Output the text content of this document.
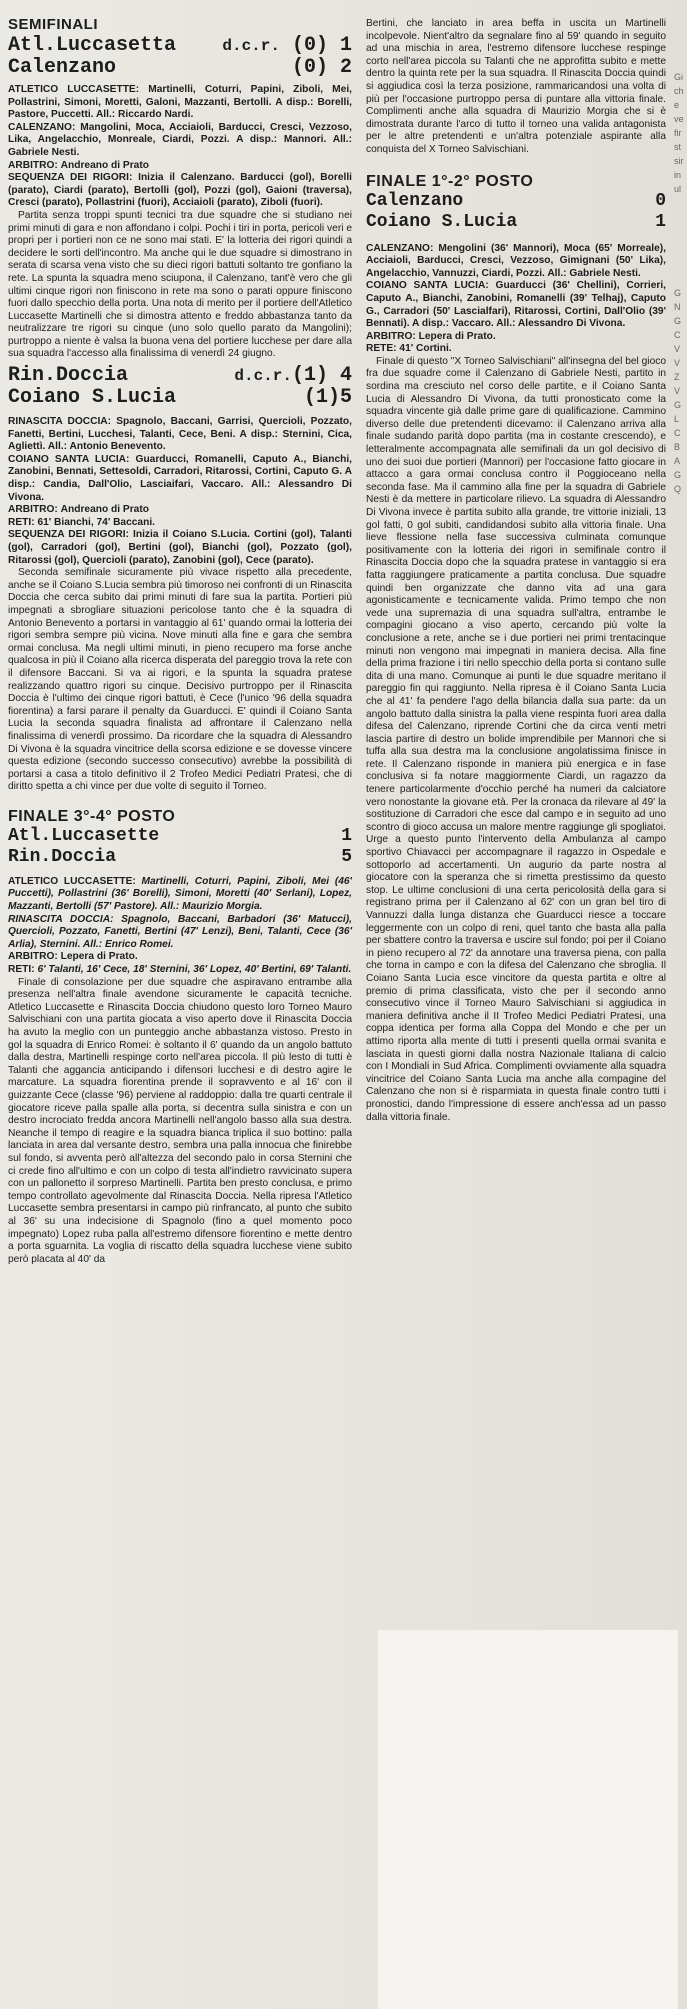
SEMIFINALI
Atl.Luccasetta	d.c.r. (0) 1
Calenzano	(0) 2

ATLETICO LUCCASETTE: Martinelli, Coturri, Papini, Ziboli, Mei, Pollastrini, Simoni, Moretti, Galoni, Mazzanti, Bertolli. A disp.: Borelli, Pastore, Puccetti. All.: Riccardo Nardi.

CALENZANO: Mangolini, Moca, Acciaioli, Barducci, Cresci, Vezzoso, Lika, Angelacchio, Monreale, Ciardi, Pozzi. A disp.: Mannori. All.: Gabriele Nesti.

ARBITRO: Andreano di Prato

SEQUENZA DEI RIGORI: Inizia il Calenzano. Barducci (gol), Borelli (parato), Ciardi (parato), Bertolli (gol), Pozzi (gol), Gaioni (traversa), Cresci (parato), Pollastrini (fuori), Acciaioli (parato), Ziboli (fuori).

Partita senza troppi spunti tecnici tra due squadre che si studiano nei primi minuti di gara e non affondano i colpi. Pochi i tiri in porta, pericoli veri e propri per i portieri non ce ne sono mai stati. E' la lotteria dei rigori quindi a decidere le sorti dell'incontro. Ma anche qui le due squadre si dimostrano in serata di scarsa vena visto che su dieci rigori battuti soltanto tre gonfiano la rete. La spunta la squadra meno sciupona, il Calenzano, tant'è vero che gli ultimi cinque rigori non finiscono in rete ma sono o parati oppure finiscono fuori dallo specchio della porta. Una nota di merito per il portiere dell'Atletico Luccasette Martinelli che si dimostra attento e freddo abbastanza tanto da neutralizzare tre rigori su cinque (uno solo quello parato da Mangolini); purtroppo a niente è valsa la buona vena del portiere lucchese per dare alla sua squadra l'accesso alla finalissima di venerdì 24 giugno.

Rin.Doccia	d.c.r.(1) 4
Coiano S.Lucia	(1)5

RINASCITA DOCCIA: Spagnolo, Baccani, Garrisi, Quercioli, Pozzato, Fanetti, Bertini, Lucchesi, Talanti, Cece, Beni. A disp.: Sternini, Cica, Agliettì. All.: Antonio Benevento.

COIANO SANTA LUCIA: Guarducci, Romanelli, Caputo A., Bianchi, Zanobini, Bennati, Settesoldi, Carradori, Ritarossi, Cortini, Caputo G. A disp.: Candia, Dall'Olio, Lasciaifari, Vaccaro. All.: Alessandro Di Vivona.

ARBITRO: Andreano di Prato

RETI: 61' Bianchi, 74' Baccani.

SEQUENZA DEI RIGORI: Inizia il Coiano S.Lucia. Cortini (gol), Talanti (gol), Carradori (gol), Bertini (gol), Bianchi (gol), Pozzato (gol), Ritarossi (gol), Quercioli (parato), Zanobini (gol), Cece (parato).

Seconda semifinale sicuramente più vivace rispetto alla precedente, anche se il Coiano S.Lucia sembra più timoroso nei confronti di un Rinascita Doccia che cerca subito dai primi minuti di fare sua la partita. Portieri più impegnati a sbrogliare situazioni pericolose tanto che è la squadra di Antonio Benevento a portarsi in vantaggio al 61' quando ormai la lotteria dei rigori sembra sempre più vicina. Nove minuti alla fine e gara che sembra ormai conclusa. Ma negli ultimi minuti, in pieno recupero ma forse anche qualcosa in più il Coiano alla ricerca disperata del pareggio trova la rete con il difensore Baccani. Si va ai rigori, e la spunta la squadra pratese realizzando quattro rigori su cinque. Decisivo purtroppo per il Rinascita Doccia è l'ultimo dei cinque rigori battuti, è Cece (l'unico '96 della squadra fiorentina) a farsi parare il penalty da Guarducci. E' quindi il Coiano Santa Lucia la seconda squadra finalista ad affrontare il Calenzano nella finalissima di venerdì prossimo. Da ricordare che la squadra di Alessandro Di Vivona è la squadra vincitrice della scorsa edizione e se dovesse vincere questa edizione (secondo successo consecutivo) avrebbe la possibilità di portarsi a casa a titolo definitivo il 2 Trofeo Medici Pediatri Pratesi, che di diritto spetta a chi vince per due volte di seguito il Torneo.

FINALE 3°-4° POSTO
Atl.Luccasette	1
Rin.Doccia	5

ATLETICO LUCCASETTE: Martinelli, Coturri, Papini, Ziboli, Mei (46' Puccetti), Pollastrini (36' Borelli), Simoni, Moretti (40' Serlani), Lopez, Mazzanti, Bertolli (57' Pastore). All.: Maurizio Morgia.

RINASCITA DOCCIA: Spagnolo, Baccani, Barbadori (36' Matucci), Quercioli, Pozzato, Fanetti, Bertini (47' Lenzi), Beni, Talanti, Cece (36' Arlia), Sternini. All.: Enrico Romei.

ARBITRO: Lepera di Prato.

RETI: 6' Talanti, 16' Cece, 18' Sternini, 36' Lopez, 40' Bertini, 69' Talanti.

Finale di consolazione per due squadre che aspiravano entrambe alla presenza nell'altra finale avendone sicuramente le capacità tecniche. Atletico Luccasette e Rinascita Doccia chiudono questo loro Torneo Mauro Salvischiani con una partita giocata a viso aperto dove il Rinascita Doccia ha avuto la meglio con un punteggio anche abbastanza vistoso. Presto in gol la squadra di Enrico Romei: è soltanto il 6' quando da un angolo battuto dalla destra, Martinelli respinge corto nell'area piccola. Il più lesto di tutti è Talanti che aggancia anticipando i difensori lucchesi e di destro agire le marcature. La squadra fiorentina prende il sopravvento e al 16' con il guizzante Cece (classe '96) perviene al raddoppio: dalla tre quarti centrale il giocatore riceve palla spalle alla porta, si decentra sulla sinistra e con un destro incrociato fredda ancora Martinelli nell'angolo basso alla sua destra. Neanche il tempo di reagire e la squadra bianca triplica il suo bottino: palla lanciata in area dal versante destro, sembra una palla innocua che finirebbe sul fondo, si avventa però all'altezza del secondo palo in corsa Sternini che ci crede fino all'ultimo e con un colpo di testa all'indietro ravvicinato supera con un pallonetto il sorpreso Martinelli. Partita ben presto conclusa, e primo tempo controllato agevolmente dal Rinascita Doccia. Nella ripresa l'Atletico Luccasette sembra presentarsi in campo più rinfrancato, al punto che subito al 36' su una indecisione di Spagnolo (fino a quel momento poco impegnato) Lopez ruba palla all'estremo difensore fiorentino e mette dentro a porta sguarnita. La voglia di riscatto della squadra lucchese viene subito però placata al 40' da

Bertini, che lanciato in area beffa in uscita un Martinelli incolpevole. Nient'altro da segnalare fino al 59' quando in seguito ad una mischia in area, l'estremo difensore lucchese respinge corto nell'area piccola su Talanti che ne approfitta subito e mette dentro la quinta rete per la sua squadra. Il Rinascita Doccia quindi si aggiudica così la terza posizione, rammaricandosi una volta di più per l'occasione purtroppo persa di puntare alla vittoria finale. Complimenti anche alla squadra di Maurizio Morgia che si è dimostrata durante l'arco di tutto il torneo una valida antagonista per le altre pretendenti e un'altra potenziale aspirante alla conquista del X Torneo Salvischiani.

FINALE 1°-2° POSTO
Calenzano	0
Coiano S.Lucia	1

CALENZANO: Mengolini (36' Mannori), Moca (65' Morreale), Acciaioli, Barducci, Cresci, Vezzoso, Gimignani (50' Lika), Angelacchio, Vannuzzi, Ciardi, Pozzi. All.: Gabriele Nesti.

COIANO SANTA LUCIA: Guarducci (36' Chellini), Corrieri, Caputo A., Bianchi, Zanobini, Romanelli (39' Telhaj), Caputo G., Carradori (50' Lascialfari), Ritarossi, Cortini, Dall'Olio (39' Bennati). A disp.: Vaccaro. All.: Alessandro Di Vivona.

ARBITRO: Lepera di Prato.

RETE: 41' Cortini.

Finale di questo "X Torneo Salvischiani" all'insegna del bel gioco fra due squadre come il Calenzano di Gabriele Nesti, partito in sordina ma cresciuto nel corso delle partite, e il Coiano Santa Lucia di Alessandro Di Vivona, da tutti pronosticato come la squadra vincente già dalle prime gare di qualificazione. Cammino diverso delle due pretendenti dicevamo: il Calenzano arriva alla finale sudando parità dopo partita (ma in costante crescendo), e letteralmente accompagnata alle semifinali da un gol decisivo di uno dei suoi due portieri (Mannori) per l'occasione fatto giocare in attacco a gara ormai conclusa contro il Poggioceano nella seconda fase. Ma il cammino alla fine per la squadra di Gabriele Nesti è da mettere in particolare rilievo. La squadra di Alessandro Di Vivona invece è partita subito alla grande, tre vittorie iniziali, 13 gol fatti, 0 gol subiti, candidandosi subito alla vittoria finale. Una lieve flessione nella fase successiva culminata comunque positivamente con la lotteria dei rigori in semifinale contro il Rinascita Doccia dopo che la squadra pratese in vantaggio si era fatta raggiungere praticamente a partita conclusa. Due squadre quindi ben organizzate che danno vita ad una gara agonisticamente e tecnicamente valida. Primo tempo che non vede una supremazia di una squadra sull'altra, entrambe le compagini giocano a viso aperto, cercando più volte la conclusione a rete, anche se i due portieri nei primi trentacinque minuti non vengono mai impegnati in maniera decisa. Alla fine della prima frazione i tiri nello specchio della porta si contano sulle dita di una mano. Comunque ai punti le due squadre meritano il pareggio fin qui raggiunto. Nella ripresa è il Coiano Santa Lucia che al 41' fa pendere l'ago della bilancia dalla sua parte: da un angolo battuto dalla sinistra la palla viene respinta fuori area dalla difesa del Calenzano, riprende Cortini che da circa venti metri lascia partire di destro un bolide imprendibile per Mannori che si tuffa alla sua destra ma la conclusione angolatissima finisce in rete. Il Calenzano risponde in maniera più energica e in fase conclusiva si fa notare maggiormente Ciardi, un ragazzo da tenere particolarmente d'occhio perché ha numeri da calciatore vero nonostante la giovane età. Per la cronaca da rilevare al 49' la sostituzione di Carradori che esce dal campo e in seguito ad uno scontro di gioco accusa un malore mentre raggiunge gli spogliatoi. Urge a questo punto l'intervento della Ambulanza al campo sportivo Chiavacci per accompagnare il ragazzo in Ospedale e sottoporlo ad accertamenti. Un augurio da parte nostra al giocatore con la speranza che si rimetta prestissimo da questo stop. Le ultime conclusioni di una certa pericolosità della gara si registrano prima per il Calenzano al 62' con un gran bel tiro di Vannuzzi dalla lunga distanza che Guarducci riesce a toccare leggermente con un colpo di reni, quel tanto che basta alla palla per sbattere contro la traversa e uscire sul fondo; poi per il Coiano in pieno recupero al 72' da annotare una traversa piena, con palla che torna in campo e con la difesa del Calenzano che sbroglia. Il Coiano Santa Lucia esce vincitore da questa partita e oltre al premio di prima classificata, visto che per il secondo anno consecutivo vince il Torneo Mauro Salvischiani si aggiudica in maniera definitiva anche il II Trofeo Medici Pediatri Pratesi, una coppa identica per forma alla Coppa del Mondo e che per un attimo riporta alla mente di tutti i presenti quella ormai svanita e lasciata in questi giorni dalla nostra Nazionale Italiana di calcio con I Mondiali in Sud Africa. Complimenti ovviamente alla squadra vincitrice del Coiano Santa Lucia ma anche alla compagine del Calenzano che non si è risparmiata in questa finale contro tutti i pronostici, dando l'impressione di essere anch'essa ad un passo dalla vittoria finale.

Gi
ch
e
ve
fir
st
sir
in
ul
G
N
G
C
V
V
Z
V
G
L
C
B
A
G
Q
